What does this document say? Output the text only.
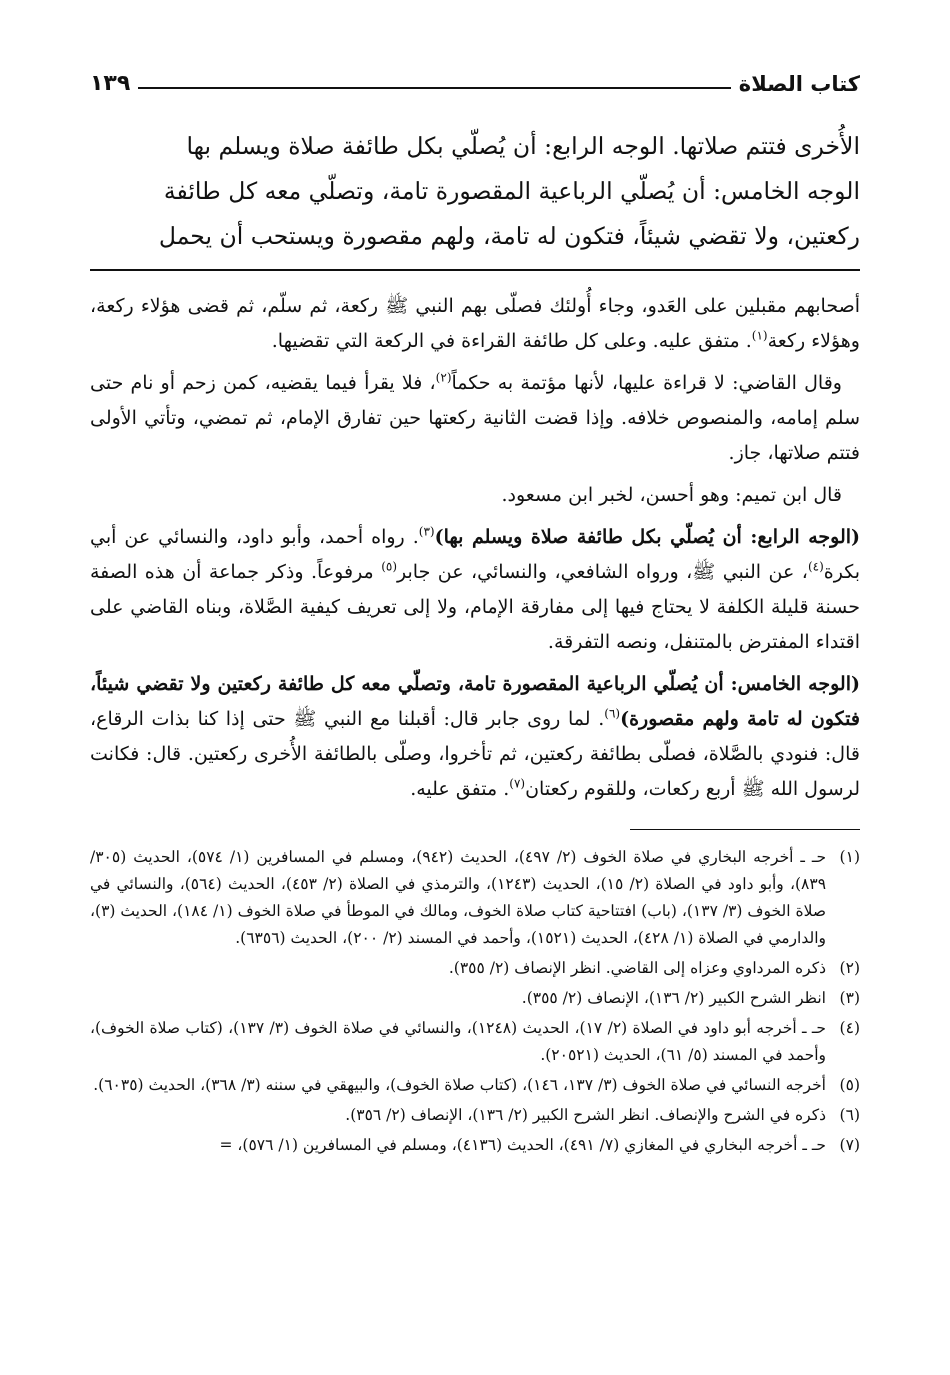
كتاب الصلاة
١٣٩

الأُخرى فتتم صلاتها. الوجه الرابع: أن يُصلّي بكل طائفة صلاة ويسلم بها

الوجه الخامس: أن يُصلّي الرباعية المقصورة تامة، وتصلّي معه كل طائفة

ركعتين، ولا تقضي شيئاً، فتكون له تامة، ولهم مقصورة ويستحب أن يحمل

أصحابهم مقبلين على العَدو، وجاء أُولئك فصلّى بهم النبي ﷺ ركعة، ثم سلّم، ثم قضى هؤلاء ركعة، وهؤلاء ركعة$^{(١)}$. متفق عليه. وعلى كل طائفة القراءة في الركعة التي تقضيها.

وقال القاضي: لا قراءة عليها، لأنها مؤتمة به حكماً$^{(٢)}$، فلا يقرأ فيما يقضيه، كمن زحم أو نام حتى سلم إمامه، والمنصوص خلافه. وإذا قضت الثانية ركعتها حين تفارق الإمام، ثم تمضي، وتأتي الأولى فتتم صلاتها، جاز.

قال ابن تميم: وهو أحسن، لخبر ابن مسعود.

(الوجه الرابع: أن يُصلّي بكل طائفة صلاة ويسلم بها)$^{(٣)}$. رواه أحمد، وأبو داود، والنسائي عن أبي بكرة$^{(٤)}$، عن النبي ﷺ، ورواه الشافعي، والنسائي، عن جابر$^{(٥)}$ مرفوعاً. وذكر جماعة أن هذه الصفة حسنة قليلة الكلفة لا يحتاج فيها إلى مفارقة الإمام، ولا إلى تعريف كيفية الصَّلاة، وبناه القاضي على اقتداء المفترض بالمتنفل، ونصه التفرقة.

(الوجه الخامس: أن يُصلّي الرباعية المقصورة تامة، وتصلّي معه كل طائفة ركعتين ولا تقضي شيئاً، فتكون له تامة ولهم مقصورة)$^{(٦)}$. لما روى جابر قال: أقبلنا مع النبي ﷺ حتى إذا كنا بذات الرقاع، قال: فنودي بالصَّلاة، فصلّى بطائفة ركعتين، ثم تأخروا، وصلّى بالطائفة الأُخرى ركعتين. قال: فكانت لرسول الله ﷺ أربع ركعات، وللقوم ركعتان$^{(٧)}$. متفق عليه.

(١)
حـ ـ أخرجه البخاري في صلاة الخوف (٢/ ٤٩٧)، الحديث (٩٤٢)، ومسلم في المسافرين (١/ ٥٧٤)، الحديث (٣٠٥/ ٨٣٩)، وأبو داود في الصلاة (٢/ ١٥)، الحديث (١٢٤٣)، والترمذي في الصلاة (٢/ ٤٥٣)، الحديث (٥٦٤)، والنسائي في صلاة الخوف (٣/ ١٣٧)، (باب) افتتاحية كتاب صلاة الخوف، ومالك في الموطأ في صلاة الخوف (١/ ١٨٤)، الحديث (٣)، والدارمي في الصلاة (١/ ٤٢٨)، الحديث (١٥٢١)، وأحمد في المسند (٢/ ٢٠٠)، الحديث (٦٣٥٦).
(٢)
ذكره المرداوي وعزاه إلى القاضي. انظر الإنصاف (٢/ ٣٥٥).
(٣)
انظر الشرح الكبير (٢/ ١٣٦)، الإنصاف (٢/ ٣٥٥).
(٤)
حـ ـ أخرجه أبو داود في الصلاة (٢/ ١٧)، الحديث (١٢٤٨)، والنسائي في صلاة الخوف (٣/ ١٣٧)، (كتاب صلاة الخوف)، وأحمد في المسند (٥/ ٦١)، الحديث (٢٠٥٢١).
(٥)
أخرجه النسائي في صلاة الخوف (٣/ ١٣٧، ١٤٦)، (كتاب صلاة الخوف)، والبيهقي في سننه (٣/ ٣٦٨)، الحديث (٦٠٣٥).
(٦)
ذكره في الشرح والإنصاف. انظر الشرح الكبير (٢/ ١٣٦)، الإنصاف (٢/ ٣٥٦).
(٧)
حـ ـ أخرجه البخاري في المغازي (٧/ ٤٩١)، الحديث (٤١٣٦)، ومسلم في المسافرين (١/ ٥٧٦)، =
